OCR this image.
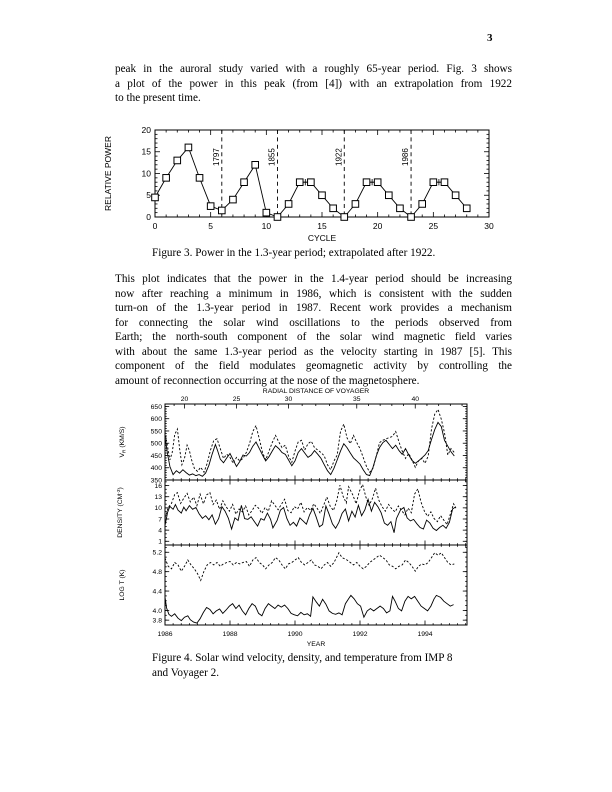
3
peak in the auroral study varied with a roughly 65-year period. Fig. 3 shows
a plot of the power in this peak (from [4]) with an extrapolation from 1922
to the present time.
0
5
10
15
20
0	5	10	15	20	25	30
CYCLE
RELATIVE POWER	1797	1855	1922	1986
Figure 3. Power in the 1.3-year period; extrapolated after 1922.
This plot indicates that the power in the 1.4-year period should be increasing
now after reaching a minimum in 1986, which is consistent with the sudden
turn-on of the 1.3-year period in 1987. Recent work provides a mechanism
for connecting the solar wind oscillations to the periods observed from
Earth; the north-south component of the solar wind magnetic field varies
with about the same 1.3-year period as the velocity starting in 1987 [5]. This
component of the field modulates geomagnetic activity by controlling the
amount of reconnection occurring at the nose of the magnetosphere.
RADIAL DISTANCE OF VOYAGER
20	25	30	35	40
350
400
450
500
550
600
650
$V_R$ (KM/S)
1
4
7
10
13
16
DENSITY $(CM^{-3})$
3.8
4.0
4.4
4.8
5.2
LOG T (K)
1986	1988	1990	1992	1994
YEAR
Figure 4. Solar wind velocity, density, and temperature from IMP 8
and Voyager 2.
